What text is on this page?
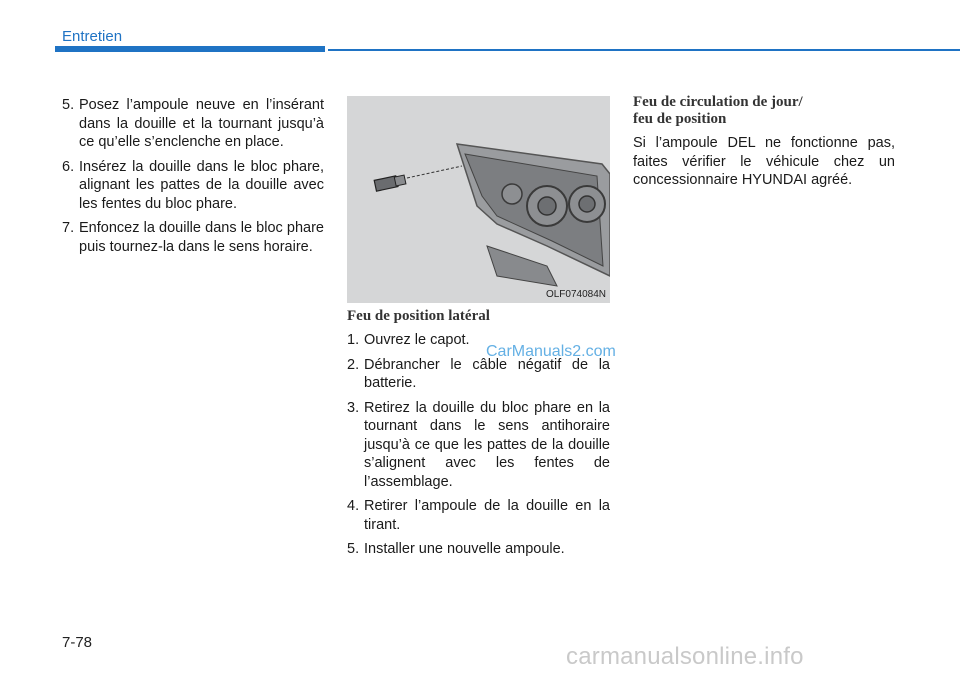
Entretien
5. Posez l’ampoule neuve en l’insérant dans la douille et la tournant jusqu’à ce qu’elle s’enclenche en place.
6. Insérez la douille dans le bloc phare, alignant les pattes de la douille avec les fentes du bloc phare.
7. Enfoncez la douille dans le bloc phare puis tournez-la dans le sens horaire.
OLF074084N
Feu de position latéral
1. Ouvrez le capot.
2. Débrancher le câble négatif de la batterie.
3. Retirez la douille du bloc phare en la tournant dans le sens antihoraire jusqu’à ce que les pattes de la douille s’alignent avec les fentes de l’assemblage.
4. Retirer l’ampoule de la douille en la tirant.
5. Installer une nouvelle ampoule.
Feu de circulation de jour/
feu de position

Si l’ampoule DEL ne fonctionne pas, faites vérifier le véhicule chez un concessionnaire HYUNDAI agréé.

CarManuals2.com
7-78
carmanualsonline.info
